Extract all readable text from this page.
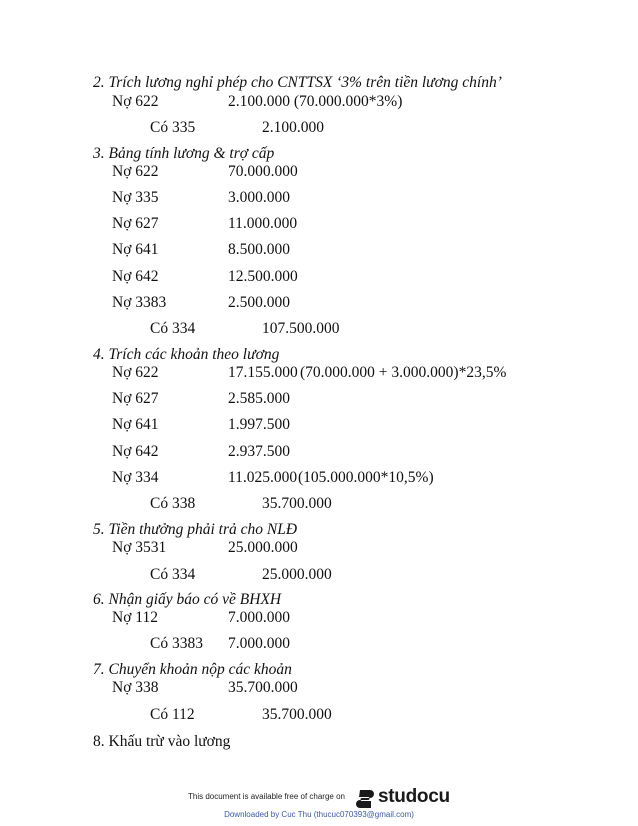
2. Trích lương nghỉ phép cho CNTTSX ‘3% trên tiền lương chính’
Nợ 622	2.100.000 (70.000.000*3%)
Có 335	2.100.000
3. Bảng tính lương & trợ cấp
Nợ 622	70.000.000
Nợ 335	3.000.000
Nợ 627	11.000.000
Nợ 641	8.500.000
Nợ 642	12.500.000
Nợ 3383	2.500.000
Có 334	107.500.000
4. Trích các khoản theo lương
Nợ 622	17.155.000 (70.000.000 + 3.000.000)*23,5%
Nợ 627	2.585.000
Nợ 641	1.997.500
Nợ 642	2.937.500
Nợ 334	11.025.000 (105.000.000*10,5%)
Có 338	35.700.000
5. Tiền thưởng phải trả cho NLĐ
Nợ 3531	25.000.000
Có 334	25.000.000
6. Nhận giấy báo có về BHXH
Nợ 112	7.000.000
Có 3383 7.000.000
7. Chuyển khoản nộp các khoản
Nợ 338	35.700.000
Có 112	35.700.000
8. Khấu trừ vào lương
This document is available free of charge on studocu
Downloaded by Cuc Thu (thucuc070393@gmail.com)
